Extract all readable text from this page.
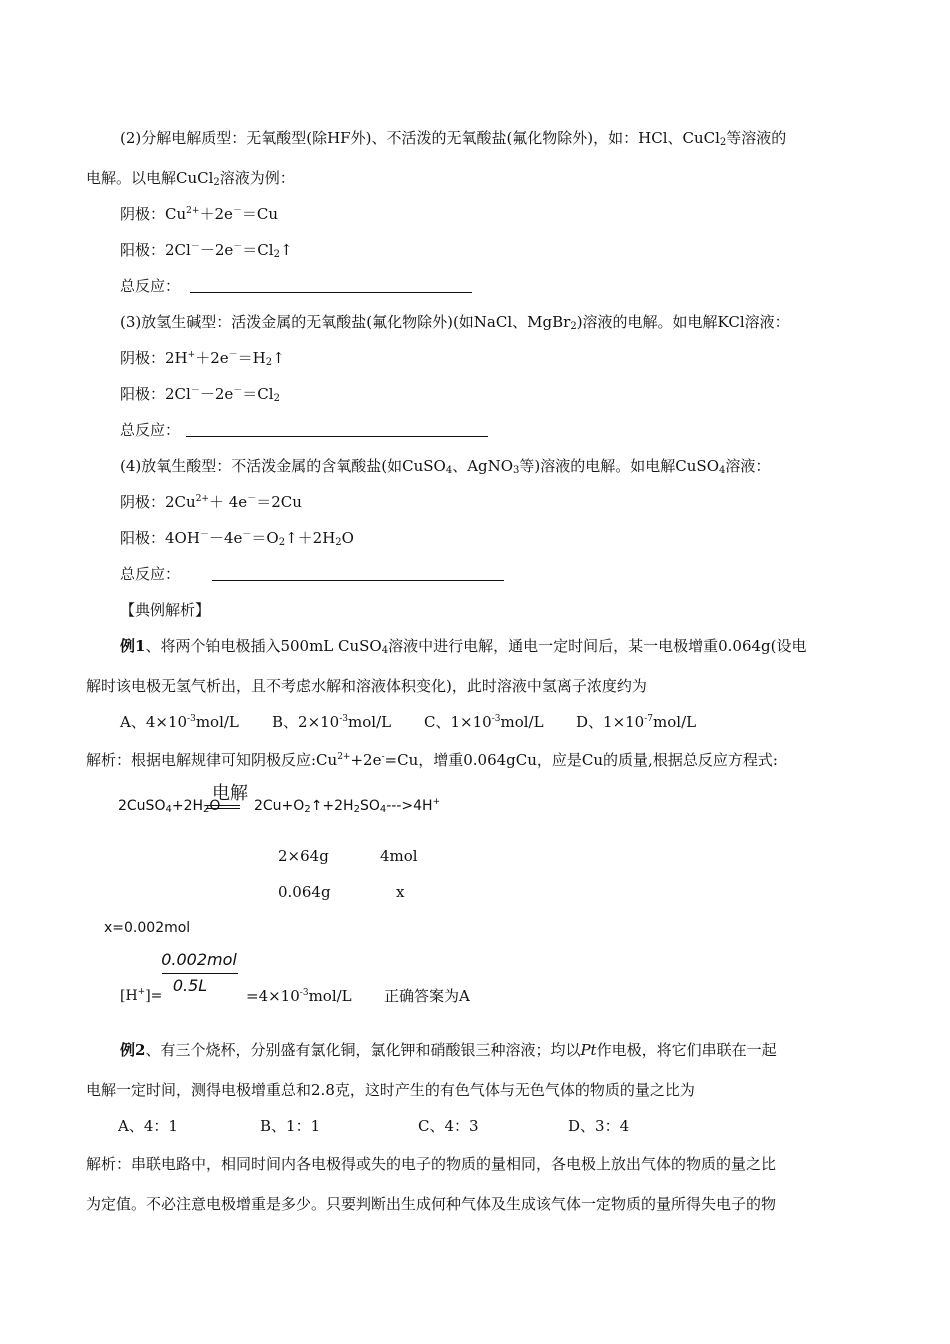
(2)分解电解质型：无氧酸型(除HF外)、不活泼的无氧酸盐(氟化物除外)，如：HCl、CuCl$_2$等溶液的
电解。以电解CuCl$_2$溶液为例：
阴极：$Cu^{2+}+2e^-=Cu$
阳极：$2Cl^--2e^-=Cl_2↑$
总反应：
(3)放氢生碱型：活泼金属的无氧酸盐(氟化物除外)(如NaCl、MgBr$_2$)溶液的电解。如电解KCl溶液：
阴极：$2H^++2e^-=H_2↑$
阳极：$2Cl^--2e^-=Cl_2$
总反应：
(4)放氧生酸型：不活泼金属的含氧酸盐(如CuSO$_4$、AgNO$_3$等)溶液的电解。如电解CuSO$_4$溶液：
阴极：$2Cu^{2+}+ 4e^-=2Cu$
阳极：$4OH^--4e^-=O_2↑+2H_2O$
总反应：
【典例解析】
例1、将两个铂电极插入500mL CuSO$_4$溶液中进行电解，通电一定时间后，某一电极增重0.064g(设电
解时该电极无氢气析出，且不考虑水解和溶液体积变化)，此时溶液中氢离子浓度约为
A、$4\times 10^{-3}mol/L$ B、$2\times 10^{-3}mol/L$ C、$1\times 10^{-3}mol/L$ D、$1\times 10^{-7}mol/L$
解析：根据电解规律可知阴极反应$:Cu^{2+}+2e^-=Cu$，增重0.064gCu，应是Cu的质量,根据总反应方程式:
$2CuSO_4+2H_2O$
电解
$2Cu+O_2↑+2H_2SO_4--->4H^+$
2×64g	4mol
0.064g	x
x=0.002mol
0.002mol
0.5L
[H+]=	$=4\times 10^{-3}mol/L$ 正确答案为A
例2、有三个烧杯，分别盛有氯化铜，氯化钾和硝酸银三种溶液；均以Pt作电极，将它们串联在一起
电解一定时间，测得电极增重总和2.8克，这时产生的有色气体与无色气体的物质的量之比为
A、4：1	B、1：1	C、4：3	D、3：4
解析：串联电路中，相同时间内各电极得或失的电子的物质的量相同，各电极上放出气体的物质的量之比
为定值。不必注意电极增重是多少。只要判断出生成何种气体及生成该气体一定物质的量所得失电子的物
